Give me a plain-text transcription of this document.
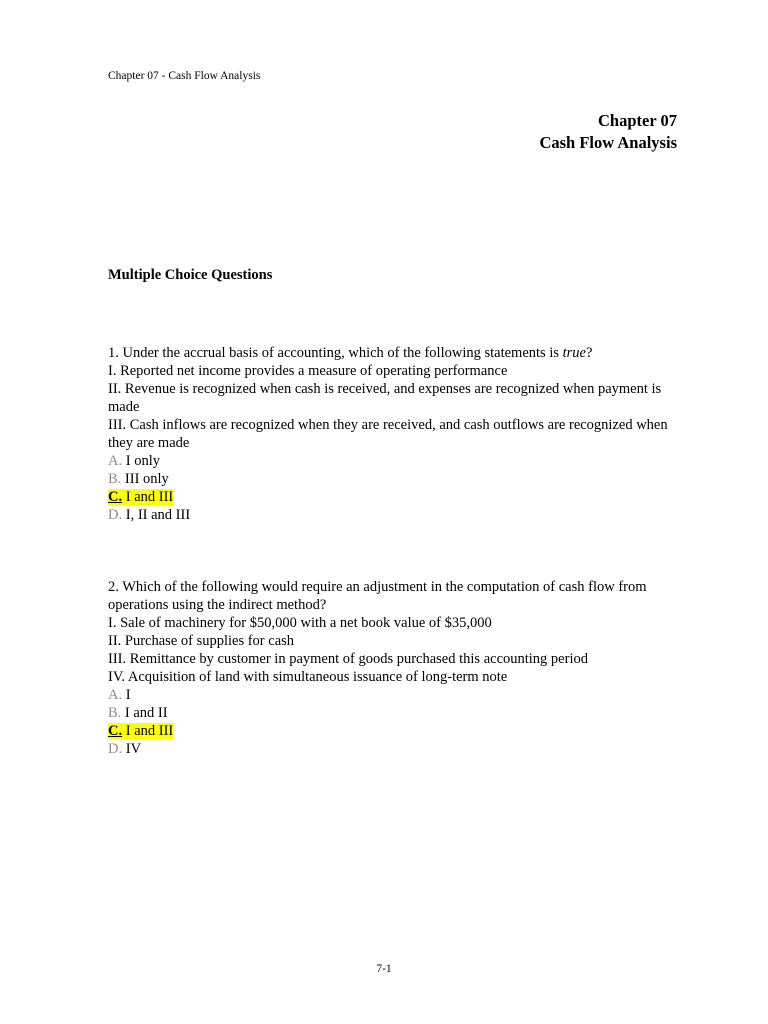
Chapter 07 - Cash Flow Analysis
Chapter 07
Cash Flow Analysis
Multiple Choice Questions

1. Under the accrual basis of accounting, which of the following statements is true?

I. Reported net income provides a measure of operating performance

II. Revenue is recognized when cash is received, and expenses are recognized when payment is made

III. Cash inflows are recognized when they are received, and cash outflows are recognized when they are made

A. I only

B. III only

C. I and III

D. I, II and III

2. Which of the following would require an adjustment in the computation of cash flow from operations using the indirect method?

I. Sale of machinery for $50,000 with a net book value of $35,000

II. Purchase of supplies for cash

III. Remittance by customer in payment of goods purchased this accounting period

IV. Acquisition of land with simultaneous issuance of long-term note

A. I

B. I and II

C. I and III

D. IV

7-1
